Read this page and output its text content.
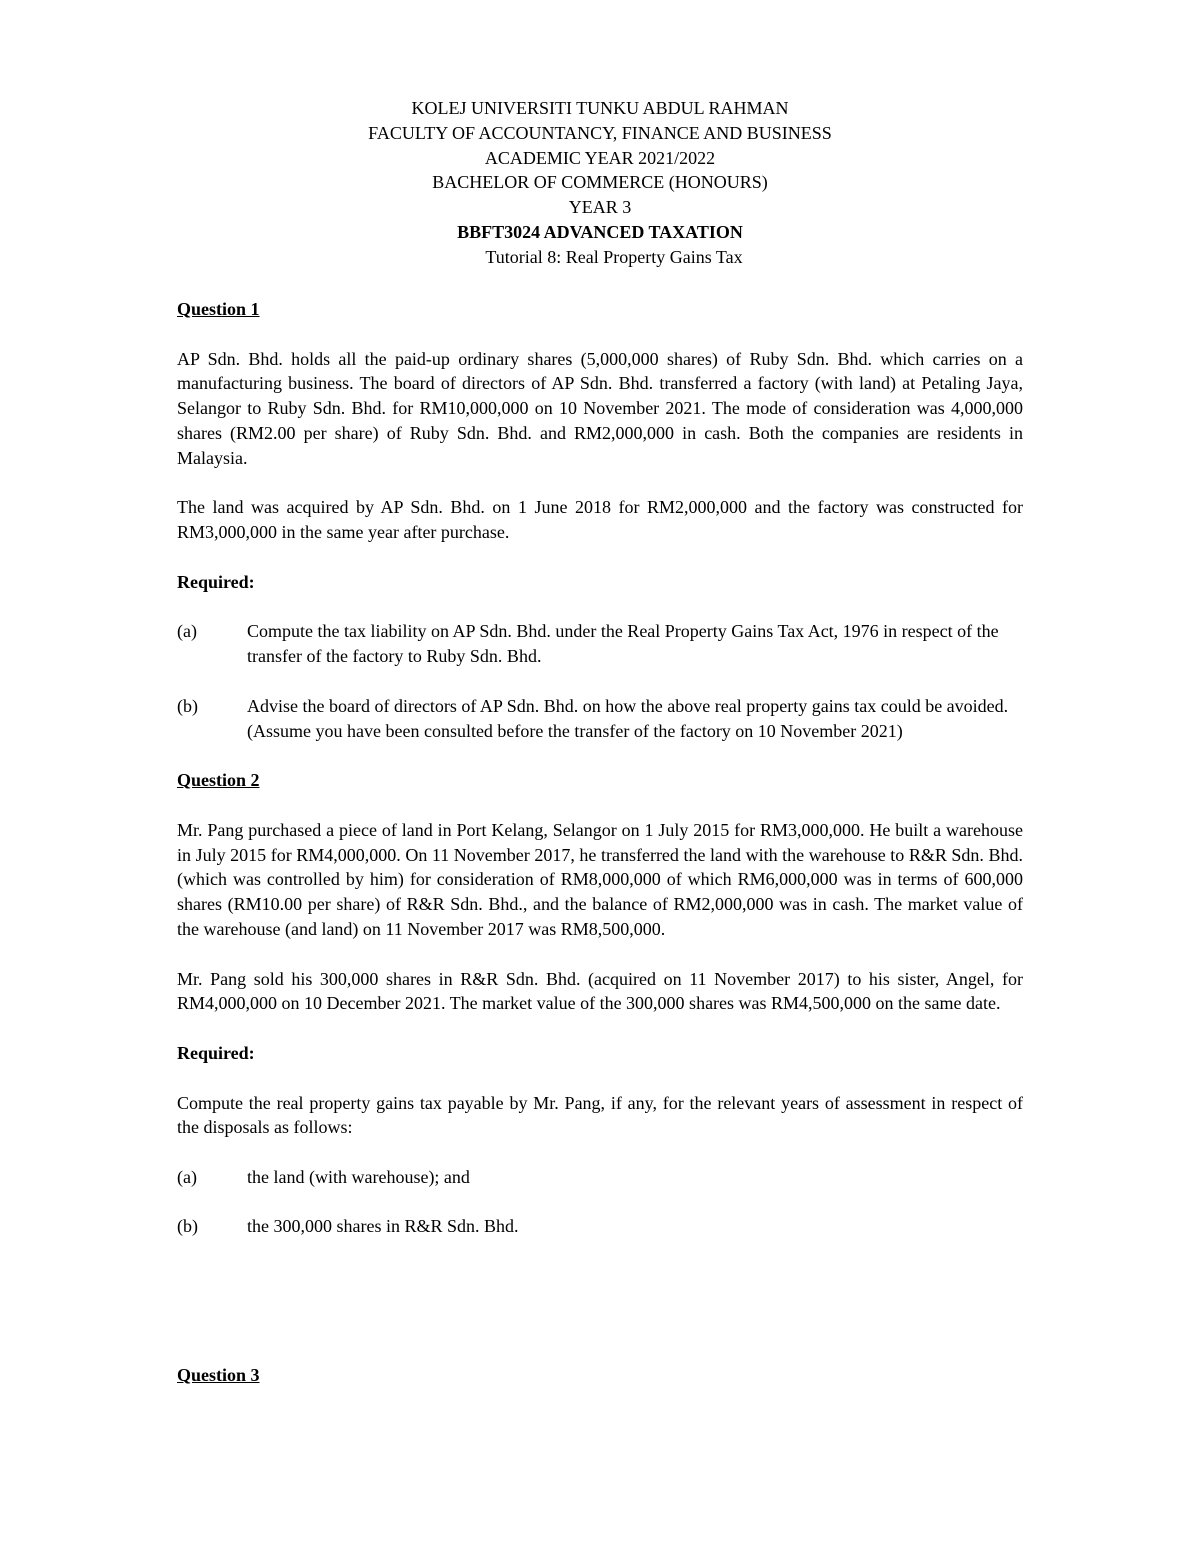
KOLEJ UNIVERSITI TUNKU ABDUL RAHMAN
FACULTY OF ACCOUNTANCY, FINANCE AND BUSINESS
ACADEMIC YEAR 2021/2022
BACHELOR OF COMMERCE (HONOURS)
YEAR 3
BBFT3024 ADVANCED TAXATION
Tutorial 8: Real Property Gains Tax

Question 1

AP Sdn. Bhd. holds all the paid-up ordinary shares (5,000,000 shares) of Ruby Sdn. Bhd. which carries on a manufacturing business. The board of directors of AP Sdn. Bhd. transferred a factory (with land) at Petaling Jaya, Selangor to Ruby Sdn. Bhd. for RM10,000,000 on 10 November 2021. The mode of consideration was 4,000,000 shares (RM2.00 per share) of Ruby Sdn. Bhd. and RM2,000,000 in cash. Both the companies are residents in Malaysia.

The land was acquired by AP Sdn. Bhd. on 1 June 2018 for RM2,000,000 and the factory was constructed for RM3,000,000 in the same year after purchase.

Required:

(a)	Compute the tax liability on AP Sdn. Bhd. under the Real Property Gains Tax Act, 1976 in respect of the transfer of the factory to Ruby Sdn. Bhd.
(b)	Advise the board of directors of AP Sdn. Bhd. on how the above real property gains tax could be avoided. (Assume you have been consulted before the transfer of the factory on 10 November 2021)

Question 2

Mr. Pang purchased a piece of land in Port Kelang, Selangor on 1 July 2015 for RM3,000,000. He built a warehouse in July 2015 for RM4,000,000. On 11 November 2017, he transferred the land with the warehouse to R&R Sdn. Bhd. (which was controlled by him) for consideration of RM8,000,000 of which RM6,000,000 was in terms of 600,000 shares (RM10.00 per share) of R&R Sdn. Bhd., and the balance of RM2,000,000 was in cash. The market value of the warehouse (and land) on 11 November 2017 was RM8,500,000.

Mr. Pang sold his 300,000 shares in R&R Sdn. Bhd. (acquired on 11 November 2017) to his sister, Angel, for RM4,000,000 on 10 December 2021. The market value of the 300,000 shares was RM4,500,000 on the same date.

Required:

Compute the real property gains tax payable by Mr. Pang, if any, for the relevant years of assessment in respect of the disposals as follows:

(a)	the land (with warehouse); and
(b)	the 300,000 shares in R&R Sdn. Bhd.

Question 3
